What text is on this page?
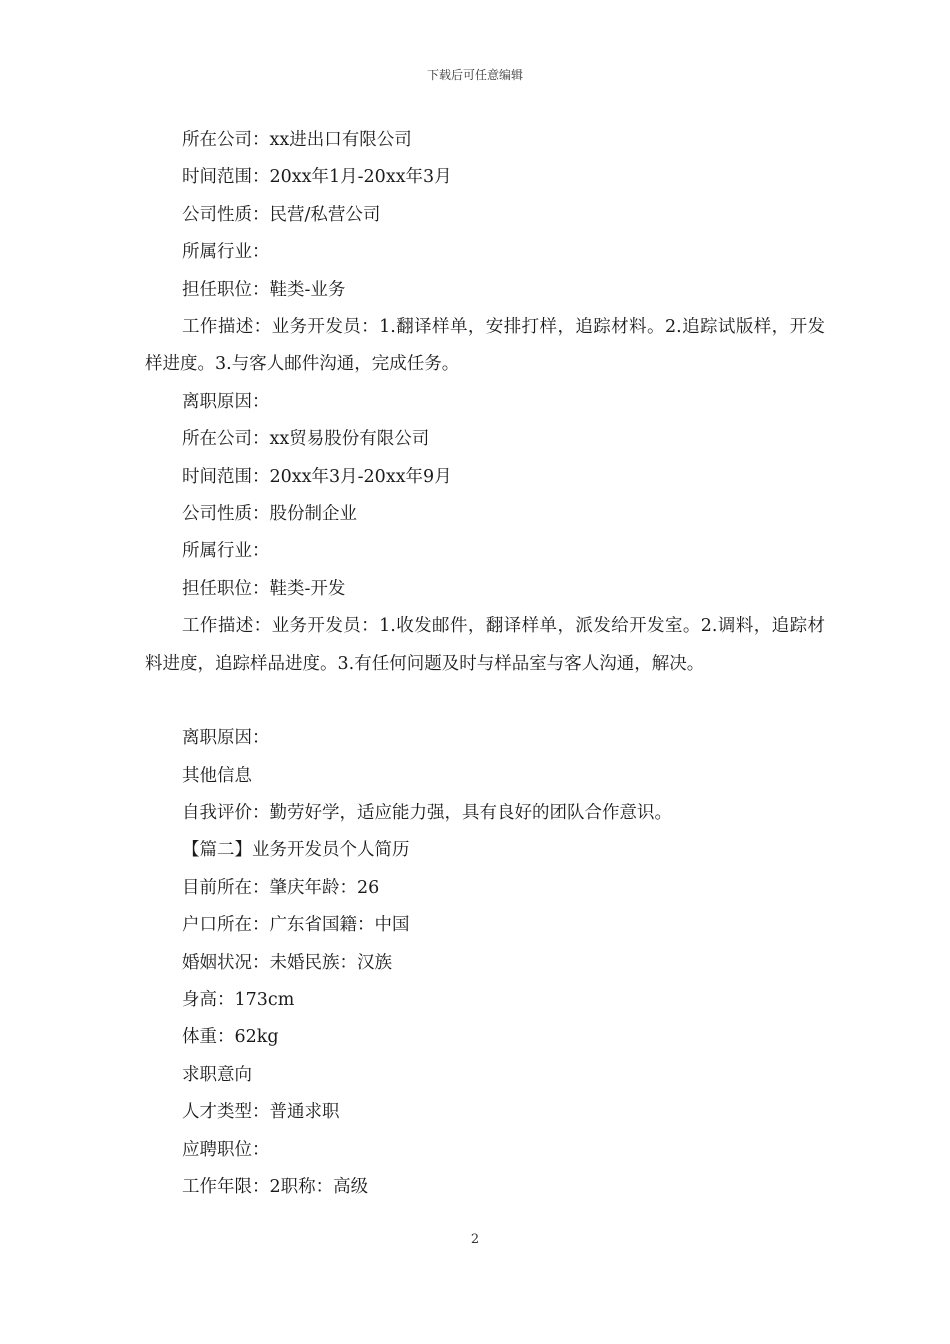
下载后可任意编辑
所在公司：xx进出口有限公司
时间范围：20xx年1月-20xx年3月
公司性质：民营/私营公司
所属行业：
担任职位：鞋类-业务
工作描述：业务开发员：1.翻译样单，安排打样，追踪材料。2.追踪试版样，开发样进度。3.与客人邮件沟通，完成任务。
离职原因：
所在公司：xx贸易股份有限公司
时间范围：20xx年3月-20xx年9月
公司性质：股份制企业
所属行业：
担任职位：鞋类-开发
工作描述：业务开发员：1.收发邮件，翻译样单，派发给开发室。2.调料，追踪材料进度，追踪样品进度。3.有任何问题及时与样品室与客人沟通，解决。
离职原因：
其他信息
自我评价：勤劳好学，适应能力强，具有良好的团队合作意识。
【篇二】业务开发员个人简历
目前所在：肇庆年龄：26
户口所在：广东省国籍：中国
婚姻状况：未婚民族：汉族
身高：173cm
体重：62kg
求职意向
人才类型：普通求职
应聘职位：
工作年限：2职称：高级
2
